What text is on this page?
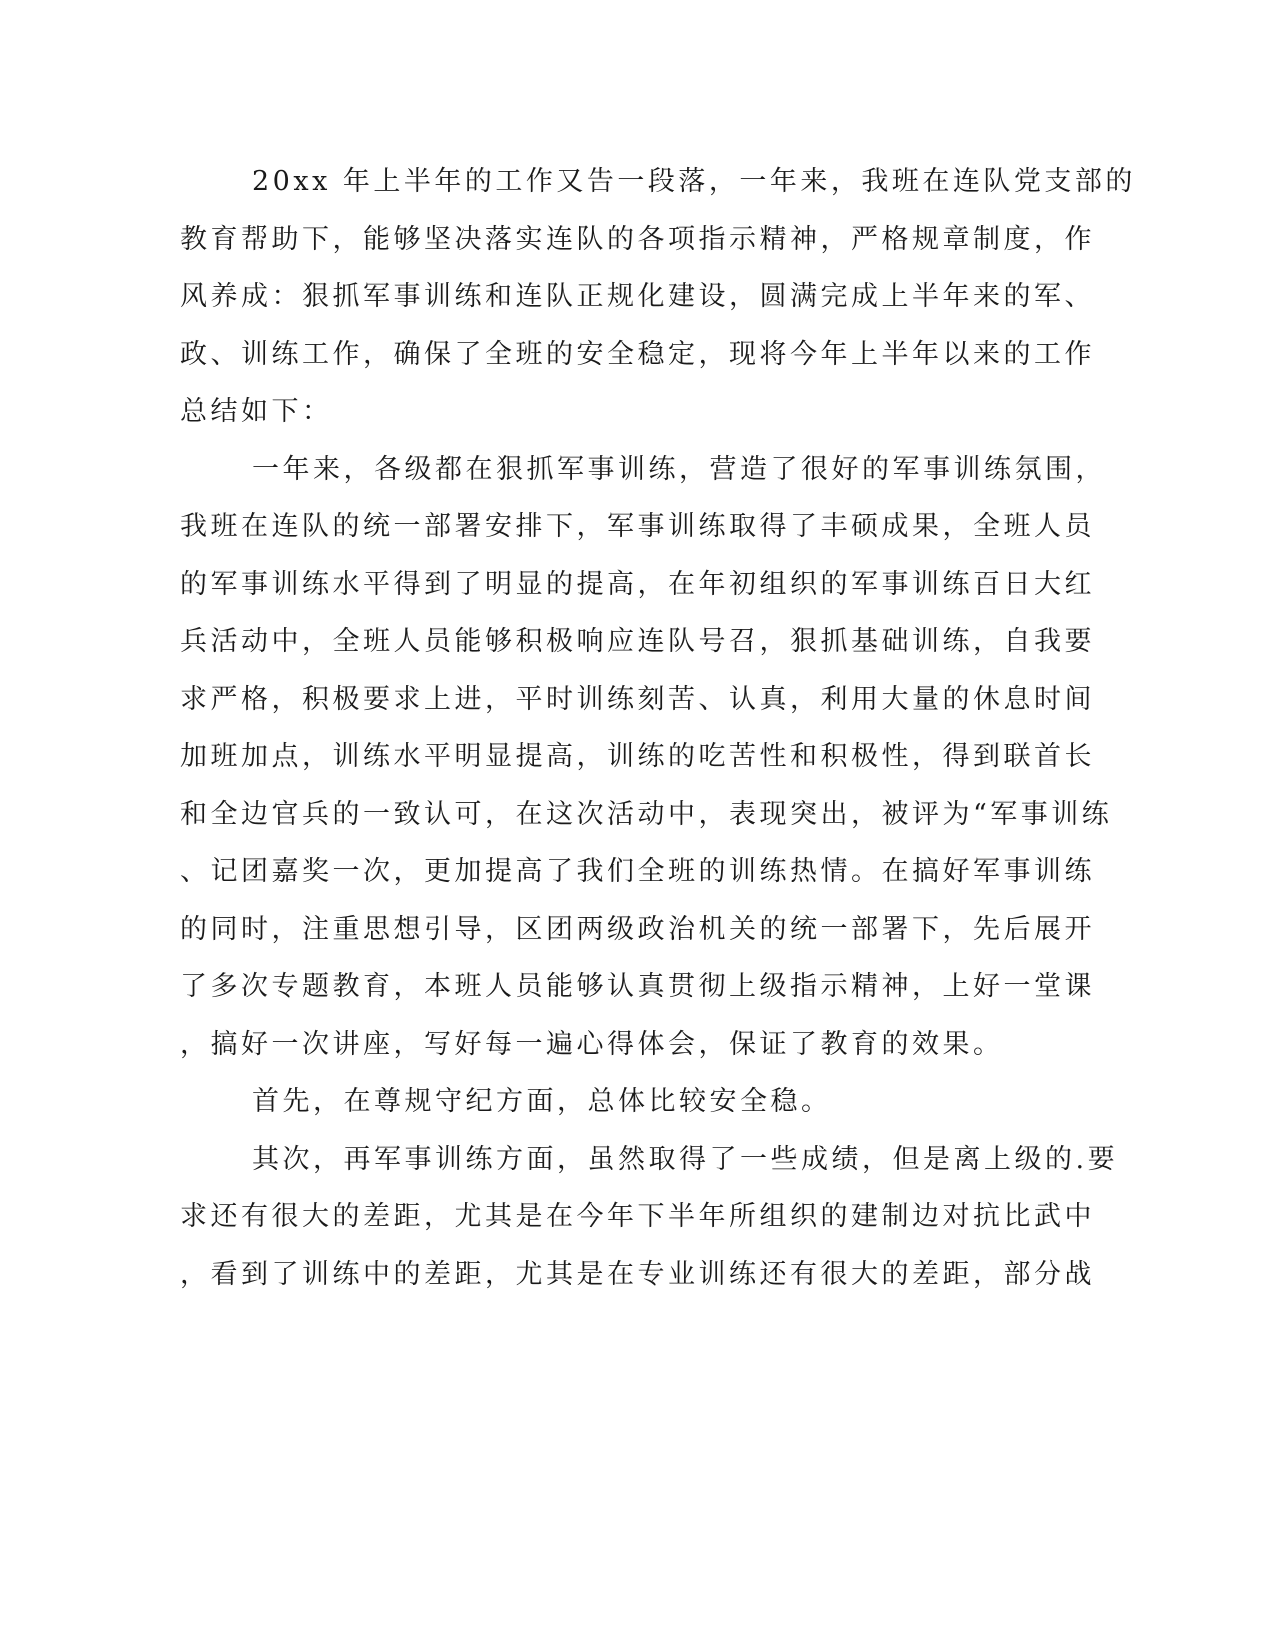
20xx 年上半年的工作又告一段落，一年来，我班在连队党支部的
教育帮助下，能够坚决落实连队的各项指示精神，严格规章制度，作
风养成：狠抓军事训练和连队正规化建设，圆满完成上半年来的军、
政、训练工作，确保了全班的安全稳定，现将今年上半年以来的工作
总结如下：
一年来，各级都在狠抓军事训练，营造了很好的军事训练氛围，
我班在连队的统一部署安排下，军事训练取得了丰硕成果，全班人员
的军事训练水平得到了明显的提高，在年初组织的军事训练百日大红
兵活动中，全班人员能够积极响应连队号召，狠抓基础训练，自我要
求严格，积极要求上进，平时训练刻苦、认真，利用大量的休息时间
加班加点，训练水平明显提高，训练的吃苦性和积极性，得到联首长
和全边官兵的一致认可，在这次活动中，表现突出，被评为“军事训练
、记团嘉奖一次，更加提高了我们全班的训练热情。在搞好军事训练
的同时，注重思想引导，区团两级政治机关的统一部署下，先后展开
了多次专题教育，本班人员能够认真贯彻上级指示精神，上好一堂课
，搞好一次讲座，写好每一遍心得体会，保证了教育的效果。
首先，在尊规守纪方面，总体比较安全稳。
其次，再军事训练方面，虽然取得了一些成绩，但是离上级的.要
求还有很大的差距，尤其是在今年下半年所组织的建制边对抗比武中
，看到了训练中的差距，尤其是在专业训练还有很大的差距，部分战
